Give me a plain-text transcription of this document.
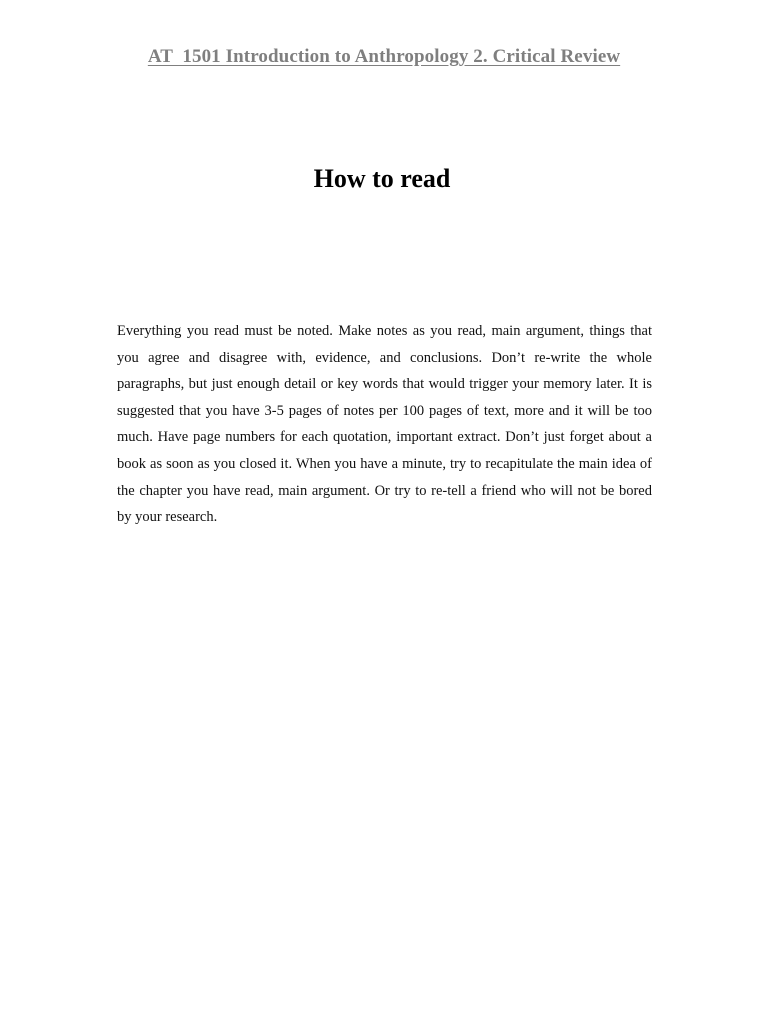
AT  1501 Introduction to Anthropology 2. Critical Review
How to read
Everything you read must be noted. Make notes as you read, main argument, things that you agree and disagree with, evidence, and conclusions. Don’t re-write the whole paragraphs, but just enough detail or key words that would trigger your memory later. It is suggested that you have 3-5 pages of notes per 100 pages of text, more and it will be too much. Have page numbers for each quotation, important extract. Don’t just forget about a book as soon as you closed it. When you have a minute, try to recapitulate the main idea of the chapter you have read, main argument. Or try to re-tell a friend who will not be bored by your research.
